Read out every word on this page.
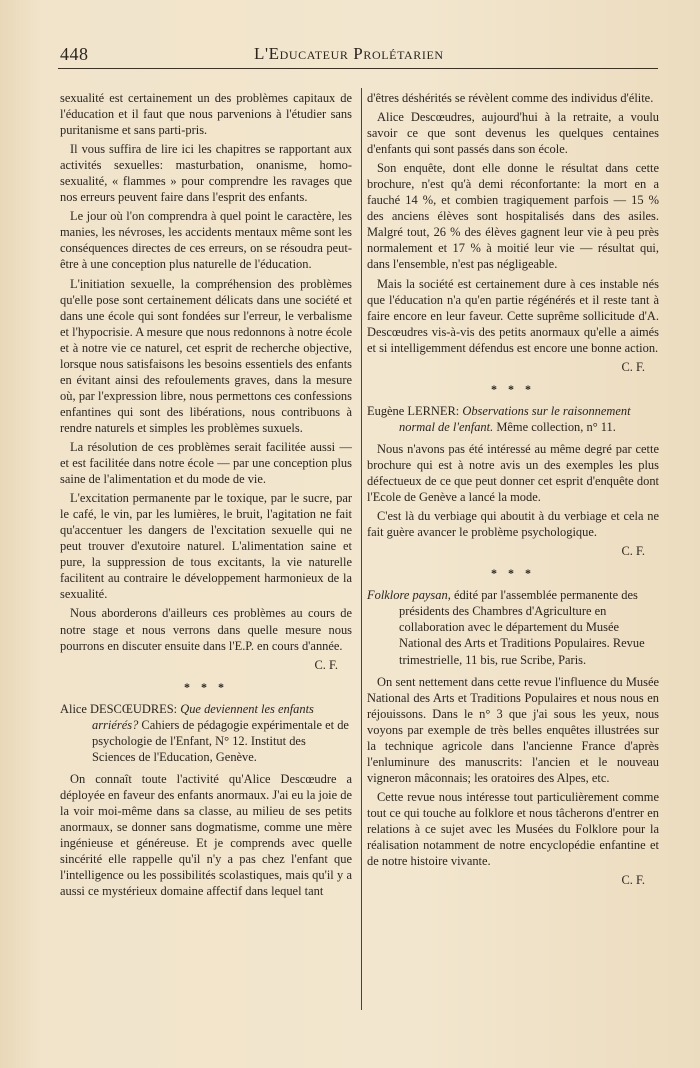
448	L'Educateur Prolétarien

sexualité est certainement un des problèmes capitaux de l'éducation et il faut que nous parvenions à l'étudier sans puritanisme et sans parti-pris.

Il vous suffira de lire ici les chapitres se rapportant aux activités sexuelles: masturbation, onanisme, homo-sexualité, « flammes » pour comprendre les ravages que nos erreurs peuvent faire dans l'esprit des enfants.

Le jour où l'on comprendra à quel point le caractère, les manies, les névroses, les accidents mentaux même sont les conséquences directes de ces erreurs, on se résoudra peut-être à une conception plus naturelle de l'éducation.

L'initiation sexuelle, la compréhension des problèmes qu'elle pose sont certainement délicats dans une société et dans une école qui sont fondées sur l'erreur, le verbalisme et l'hypocrisie. A mesure que nous redonnons à notre école et à notre vie ce naturel, cet esprit de recherche objective, lorsque nous satisfaisons les besoins essentiels des enfants en évitant ainsi des refoulements graves, dans la mesure où, par l'expression libre, nous permettons ces confessions enfantines qui sont des libérations, nous contribuons à rendre naturels et simples les problèmes suxuels.

La résolution de ces problèmes serait facilitée aussi — et est facilitée dans notre école — par une conception plus saine de l'alimentation et du mode de vie.

L'excitation permanente par le toxique, par le sucre, par le café, le vin, par les lumières, le bruit, l'agitation ne fait qu'accentuer les dangers de l'excitation sexuelle qui ne peut trouver d'exutoire naturel. L'alimentation saine et pure, la suppression de tous excitants, la vie naturelle facilitent au contraire le développement harmonieux de la sexualité.

Nous aborderons d'ailleurs ces problèmes au cours de notre stage et nous verrons dans quelle mesure nous pourrons en discuter ensuite dans l'E.P. en cours d'année.

C. F.
* * *

Alice DESCŒUDRES: Que deviennent les enfants arriérés? Cahiers de pédagogie expérimentale et de psychologie de l'Enfant, N° 12. Institut des Sciences de l'Education, Genève.

On connaît toute l'activité qu'Alice Descœudre a déployée en faveur des enfants anormaux. J'ai eu la joie de la voir moi-même dans sa classe, au milieu de ses petits anormaux, se donner sans dogmatisme, comme une mère ingénieuse et généreuse. Et je comprends avec quelle sincérité elle rappelle qu'il n'y a pas chez l'enfant que l'intelligence ou les possibilités scolastiques, mais qu'il y a aussi ce mystérieux domaine affectif dans lequel tant

d'êtres déshérités se révèlent comme des individus d'élite.

Alice Descœudres, aujourd'hui à la retraite, a voulu savoir ce que sont devenus les quelques centaines d'enfants qui sont passés dans son école.

Son enquête, dont elle donne le résultat dans cette brochure, n'est qu'à demi réconfortante: la mort en a fauché 14 %, et combien tragiquement parfois — 15 % des anciens élèves sont hospitalisés dans des asiles. Malgré tout, 26 % des élèves gagnent leur vie à peu près normalement et 17 % à moitié leur vie — résultat qui, dans l'ensemble, n'est pas négligeable.

Mais la société est certainement dure à ces instable nés que l'éducation n'a qu'en partie régénérés et il reste tant à faire encore en leur faveur. Cette suprême sollicitude d'A. Descœudres vis-à-vis des petits anormaux qu'elle a aimés et si intelligemment défendus est encore une bonne action.

C. F.
* * *

Eugène LERNER: Observations sur le raisonnement normal de l'enfant. Même collection, n° 11.

Nous n'avons pas été intéressé au même degré par cette brochure qui est à notre avis un des exemples les plus défectueux de ce que peut donner cet esprit d'enquête dont l'Ecole de Genève a lancé la mode.

C'est là du verbiage qui aboutit à du verbiage et cela ne fait guère avancer le problème psychologique.

C. F.
* * *

Folklore paysan, édité par l'assemblée permanente des présidents des Chambres d'Agriculture en collaboration avec le département du Musée National des Arts et Traditions Populaires. Revue trimestrielle, 11 bis, rue Scribe, Paris.

On sent nettement dans cette revue l'influence du Musée National des Arts et Traditions Populaires et nous nous en réjouissons. Dans le n° 3 que j'ai sous les yeux, nous voyons par exemple de très belles enquêtes illustrées sur la technique agricole dans l'ancienne France d'après l'enluminure des manuscrits: l'ancien et le nouveau vigneron mâconnais; les oratoires des Alpes, etc.

Cette revue nous intéresse tout particulièrement comme tout ce qui touche au folklore et nous tâcherons d'entrer en relations à ce sujet avec les Musées du Folklore pour la réalisation notamment de notre encyclopédie enfantine et de notre histoire vivante.

C. F.
